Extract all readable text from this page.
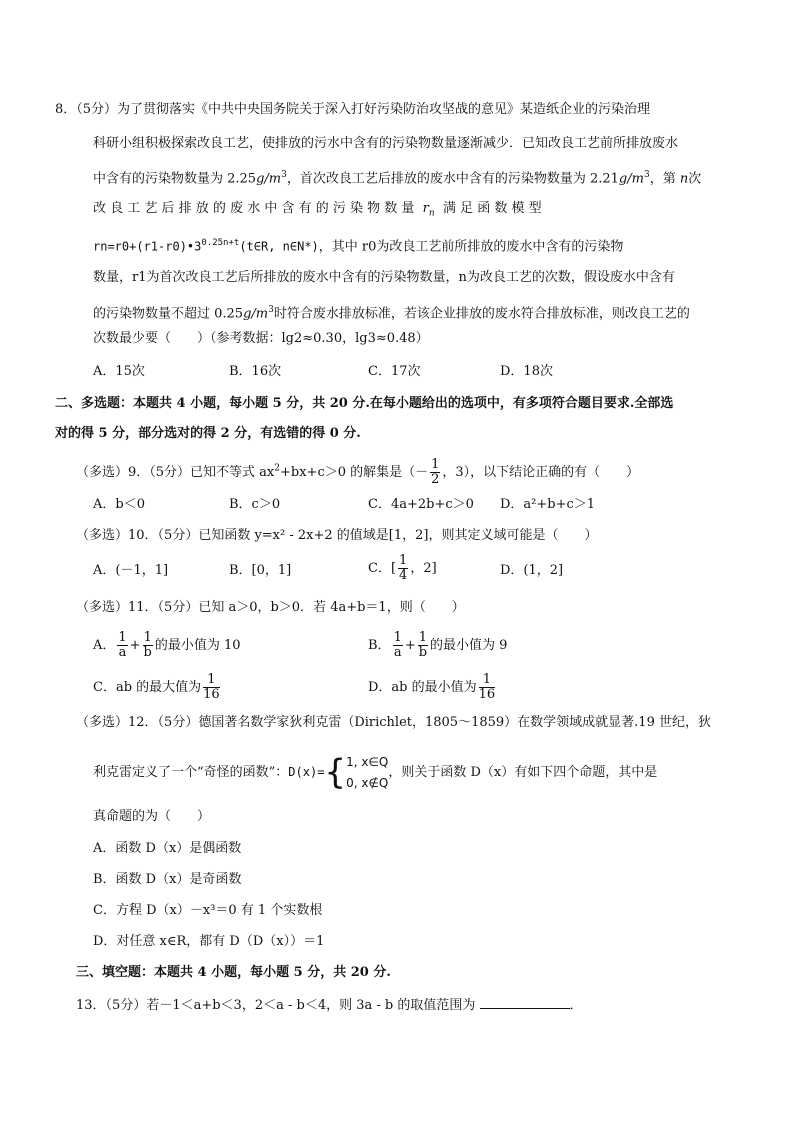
8．（5分）为了贯彻落实《中共中央国务院关于深入打好污染防治攻坚战的意见》某造纸企业的污染治理
科研小组积极探索改良工艺，使排放的污水中含有的污染物数量逐渐减少．已知改良工艺前所排放废水
中含有的污染物数量为 $2.25g/m^3$，首次改良工艺后排放的废水中含有的污染物数量为 $2.21g/m^3$，第 n次
改 良 工 艺 后 排 放 的 废 水 中 含 有 的 污 染 物 数 量 $r_n$ 满 足 函 数 模 型
$rn=r0+(r1-r0)•3^{0.25n+t}(t\in R$, n∈N*)，其中 r0为改良工艺前所排放的废水中含有的污染物
数量，r1为首次改良工艺后所排放的废水中含有的污染物数量，n为改良工艺的次数，假设废水中含有
的污染物数量不超过 $0.25g/m^3$时符合废水排放标准，若该企业排放的废水符合排放标准，则改良工艺的
次数最少要（　　）（参考数据：lg2≈0.30，lg3≈0.48）
A．15次	B．16次	C．17次	D．18次
二、多选题：本题共 4 小题，每小题 5 分，共 20 分.在每小题给出的选项中，有多项符合题目要求.全部选
对的得 5 分，部分选对的得 2 分，有选错的得 0 分.
（多选）9．（5分）已知不等式 $ax^2+bx+c>0$ 的解集是（－ $\frac{1}{2}$ ，3），以下结论正确的有（　　）
A．b＜0	B．c＞0	C．4a+2b+c＞0 D．a²+b+c＞1
（多选）10．（5分）已知函数 y=x² - 2x+2 的值域是[1，2]，则其定义域可能是（　　）
A．(－1，1]	B．[0，1]	C．[ $\frac{1}{4}$ ，2]	D．(1，2]
（多选）11．（5分）已知 a＞0，b＞0．若 4a+b＝1，则（　　）
A． $\frac{1}{a} + \frac{1}{b}$ 的最小值为 10	B． $\frac{1}{a} + \frac{1}{b}$ 的最小值为 9
C．ab 的最大值为 $\frac{1}{16}$	D．ab 的最小值为 $\frac{1}{16}$
（多选）12．（5分）德国著名数学家狄利克雷（Dirichlet，1805～1859）在数学领域成就显著.19 世纪，狄
利克雷定义了一个“奇怪的函数”：D(x)={ 1, x∈Q
0, x∉Q
，则关于函数 D（x）有如下四个命题，其中是
真命题的为（　　）
A．函数 D（x）是偶函数
B．函数 D（x）是奇函数
C．方程 D（x）－x³＝0 有 1 个实数根
D．对任意 x∈R，都有 D（D（x））＝1
三、填空题：本题共 4 小题，每小题 5 分，共 20 分.
13．（5分）若－1＜a+b＜3，2＜a - b＜4，则 3a - b 的取值范围为	．
